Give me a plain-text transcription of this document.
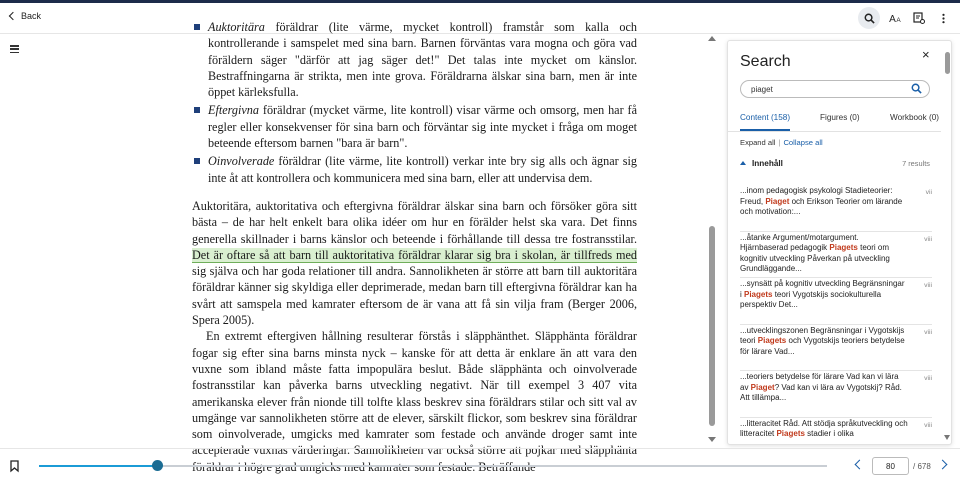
Back	A A
Auktoritära föräldrar (lite värme, mycket kontroll) framstår som kalla och kontrollerande i samspelet med sina barn. Barnen förväntas vara mogna och göra vad föräldern säger "därför att jag säger det!" Det talas inte mycket om känslor. Bestraffningarna är strikta, men inte grova. Föräldrarna älskar sina barn, men är inte öppet kärleksfulla.
Eftergivna föräldrar (mycket värme, lite kontroll) visar värme och omsorg, men har få regler eller konsekvenser för sina barn och förväntar sig inte mycket i fråga om moget beteende eftersom barnen "bara är barn".
Oinvolverade föräldrar (lite värme, lite kontroll) verkar inte bry sig alls och ägnar sig inte åt att kontrollera och kommunicera med sina barn, eller att undervisa dem.

Auktoritära, auktoritativa och eftergivna föräldrar älskar sina barn och försöker göra sitt bästa – de har helt enkelt bara olika idéer om hur en förälder helst ska vara. Det finns generella skillnader i barns känslor och beteende i förhållande till dessa tre fostransstilar. Det är oftare så att barn till auktoritativa föräldrar klarar sig bra i skolan, är tillfreds med sig själva och har goda relationer till andra. Sannolikheten är större att barn till auktoritära föräldrar känner sig skyldiga eller deprimerade, medan barn till eftergivna föräldrar kan ha svårt att samspela med kamrater eftersom de är vana att få sin vilja fram (Berger 2006, Spera 2005).

En extremt eftergiven hållning resulterar förstås i släpphänthet. Släpphänta föräldrar fogar sig efter sina barns minsta nyck – kanske för att detta är enklare än att vara den vuxne som ibland måste fatta impopulära beslut. Både släpphänta och oinvolverade fostransstilar kan påverka barns utveckling negativt. När till exempel 3 407 vita amerikanska elever från nionde till tolfte klass beskrev sina föräldrars stilar och sitt val av umgänge var sannolikheten större att de elever, särskilt flickor, som beskrev sina föräldrar som oinvolverade, umgicks med kamrater som festade och använde droger samt inte accepterade vuxnas värderingar. Sannolikheten var också större att pojkar med släpphänta

Search	×
piaget
Content (158)	Figures (0)	Workbook (0)
Expand all | Collapse all
Innehåll	7 results
...inom pedagogisk psykologi Stadieteorier: Freud, Piaget och Erikson Teorier om lärande och motivation:...
vii
...åtanke Argument/motargument. Hjärnbaserad pedagogik Piagets teori om kognitiv utveckling Påverkan på utveckling Grundläggande...
viii
...synsätt på kognitiv utveckling Begränsningar i Piagets teori Vygotskijs sociokulturella perspektiv Det...
viii
...utvecklingszonen Begränsningar i Vygotskijs teori Piagets och Vygotskijs teoriers betydelse för lärare Vad...
viii
...teoriers betydelse för lärare Vad kan vi lära av Piaget? Vad kan vi lära av Vygotskij? Råd. Att tillämpa...
viii
...litteracitet Råd. Att stödja språkutveckling och litteracitet Piagets stadier i olika
viii
80
/ 678
